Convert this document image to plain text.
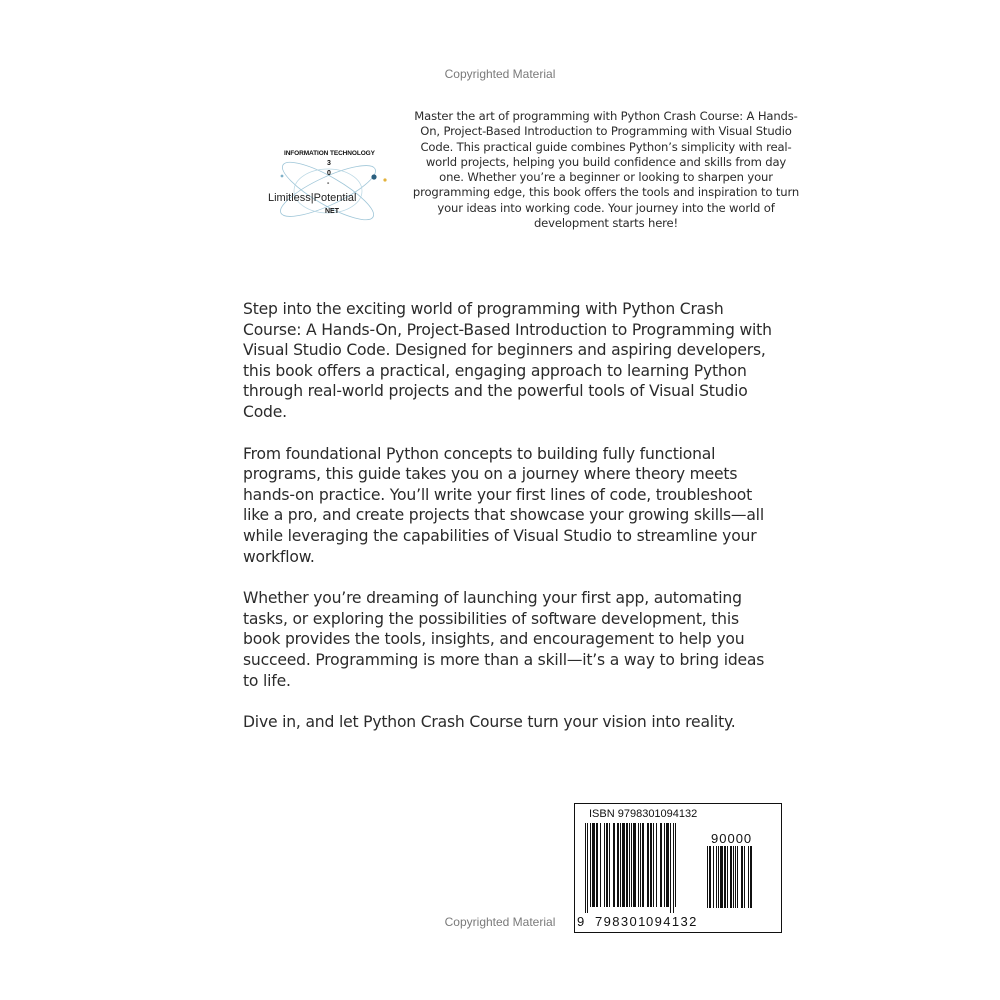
Copyrighted Material
INFORMATION TECHNOLOGY
3
0
-
Limitless|Potential
NET
Master the art of programming with Python Crash Course: A Hands-On, Project-Based Introduction to Programming with Visual Studio Code. This practical guide combines Python’s simplicity with real-world projects, helping you build confidence and skills from day one. Whether you’re a beginner or looking to sharpen your programming edge, this book offers the tools and inspiration to turn your ideas into working code. Your journey into the world of development starts here!

Step into the exciting world of programming with Python Crash Course: A Hands-On, Project-Based Introduction to Programming with Visual Studio Code. Designed for beginners and aspiring developers, this book offers a practical, engaging approach to learning Python through real-world projects and the powerful tools of Visual Studio Code.

From foundational Python concepts to building fully functional programs, this guide takes you on a journey where theory meets hands-on practice. You’ll write your first lines of code, troubleshoot like a pro, and create projects that showcase your growing skills—all while leveraging the capabilities of Visual Studio to streamline your workflow.

Whether you’re dreaming of launching your first app, automating tasks, or exploring the possibilities of software development, this book provides the tools, insights, and encouragement to help you succeed. Programming is more than a skill—it’s a way to bring ideas to life.

Dive in, and let Python Crash Course turn your vision into reality.

ISBN 9798301094132
90000
9 798301 094132
Copyrighted Material
